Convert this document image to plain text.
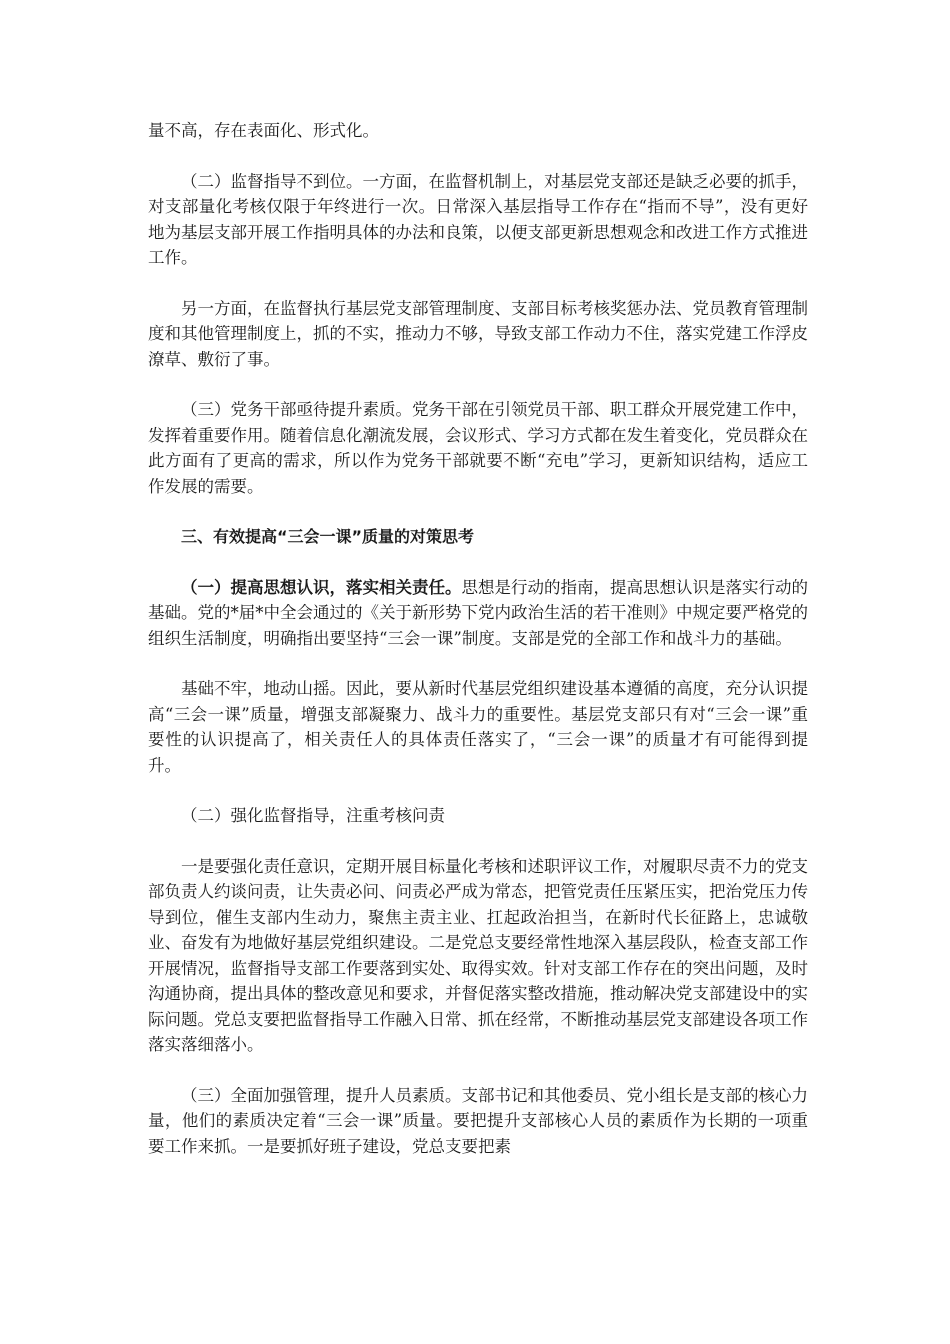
量不高，存在表面化、形式化。

（二）监督指导不到位。一方面，在监督机制上，对基层党支部还是缺乏必要的抓手，对支部量化考核仅限于年终进行一次。日常深入基层指导工作存在“指而不导”，没有更好地为基层支部开展工作指明具体的办法和良策，以便支部更新思想观念和改进工作方式推进工作。

另一方面，在监督执行基层党支部管理制度、支部目标考核奖惩办法、党员教育管理制度和其他管理制度上，抓的不实，推动力不够，导致支部工作动力不住，落实党建工作浮皮潦草、敷衍了事。

（三）党务干部亟待提升素质。党务干部在引领党员干部、职工群众开展党建工作中，发挥着重要作用。随着信息化潮流发展，会议形式、学习方式都在发生着变化，党员群众在此方面有了更高的需求，所以作为党务干部就要不断“充电”学习，更新知识结构，适应工作发展的需要。

三、有效提高“三会一课”质量的对策思考

（一）提高思想认识，落实相关责任。思想是行动的指南，提高思想认识是落实行动的基础。党的*届*中全会通过的《关于新形势下党内政治生活的若干准则》中规定要严格党的组织生活制度，明确指出要坚持“三会一课”制度。支部是党的全部工作和战斗力的基础。

基础不牢，地动山摇。因此，要从新时代基层党组织建设基本遵循的高度，充分认识提高“三会一课”质量，增强支部凝聚力、战斗力的重要性。基层党支部只有对“三会一课”重要性的认识提高了，相关责任人的具体责任落实了，“三会一课”的质量才有可能得到提升。

（二）强化监督指导，注重考核问责

一是要强化责任意识，定期开展目标量化考核和述职评议工作，对履职尽责不力的党支部负责人约谈问责，让失责必问、问责必严成为常态，把管党责任压紧压实，把治党压力传导到位，催生支部内生动力，聚焦主责主业、扛起政治担当，在新时代长征路上，忠诚敬业、奋发有为地做好基层党组织建设。二是党总支要经常性地深入基层段队，检查支部工作开展情况，监督指导支部工作要落到实处、取得实效。针对支部工作存在的突出问题，及时沟通协商，提出具体的整改意见和要求，并督促落实整改措施，推动解决党支部建设中的实际问题。党总支要把监督指导工作融入日常、抓在经常，不断推动基层党支部建设各项工作落实落细落小。

（三）全面加强管理，提升人员素质。支部书记和其他委员、党小组长是支部的核心力量，他们的素质决定着“三会一课”质量。要把提升支部核心人员的素质作为长期的一项重要工作来抓。一是要抓好班子建设，党总支要把素
